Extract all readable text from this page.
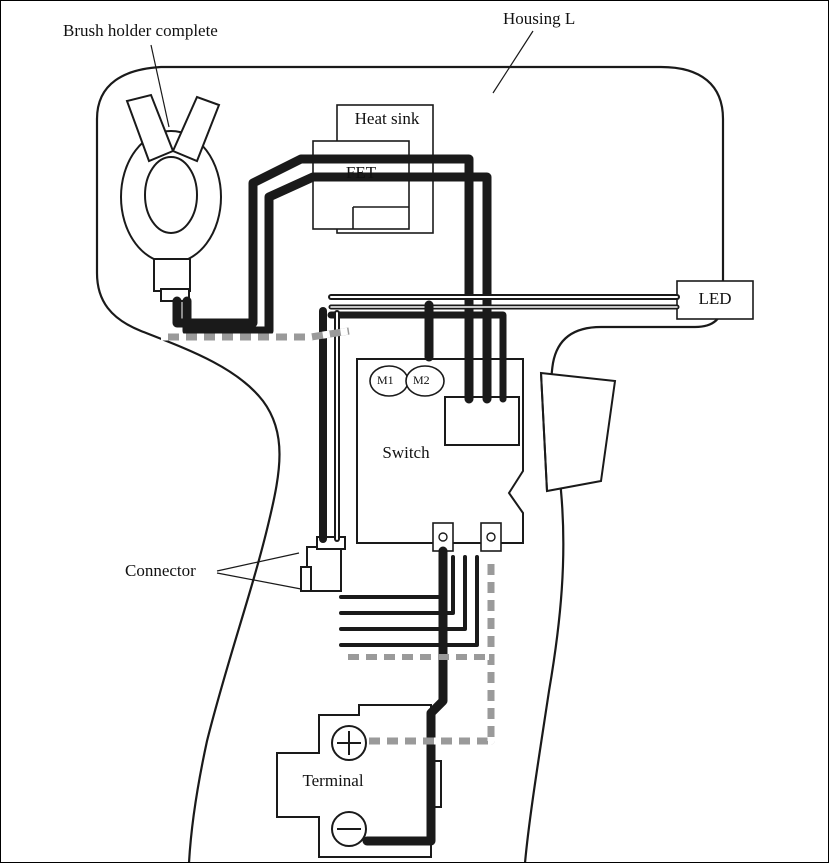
Housing L
Brush holder complete
Connector
Heat sink
FET
LED
Switch
Terminal
M1 M2
